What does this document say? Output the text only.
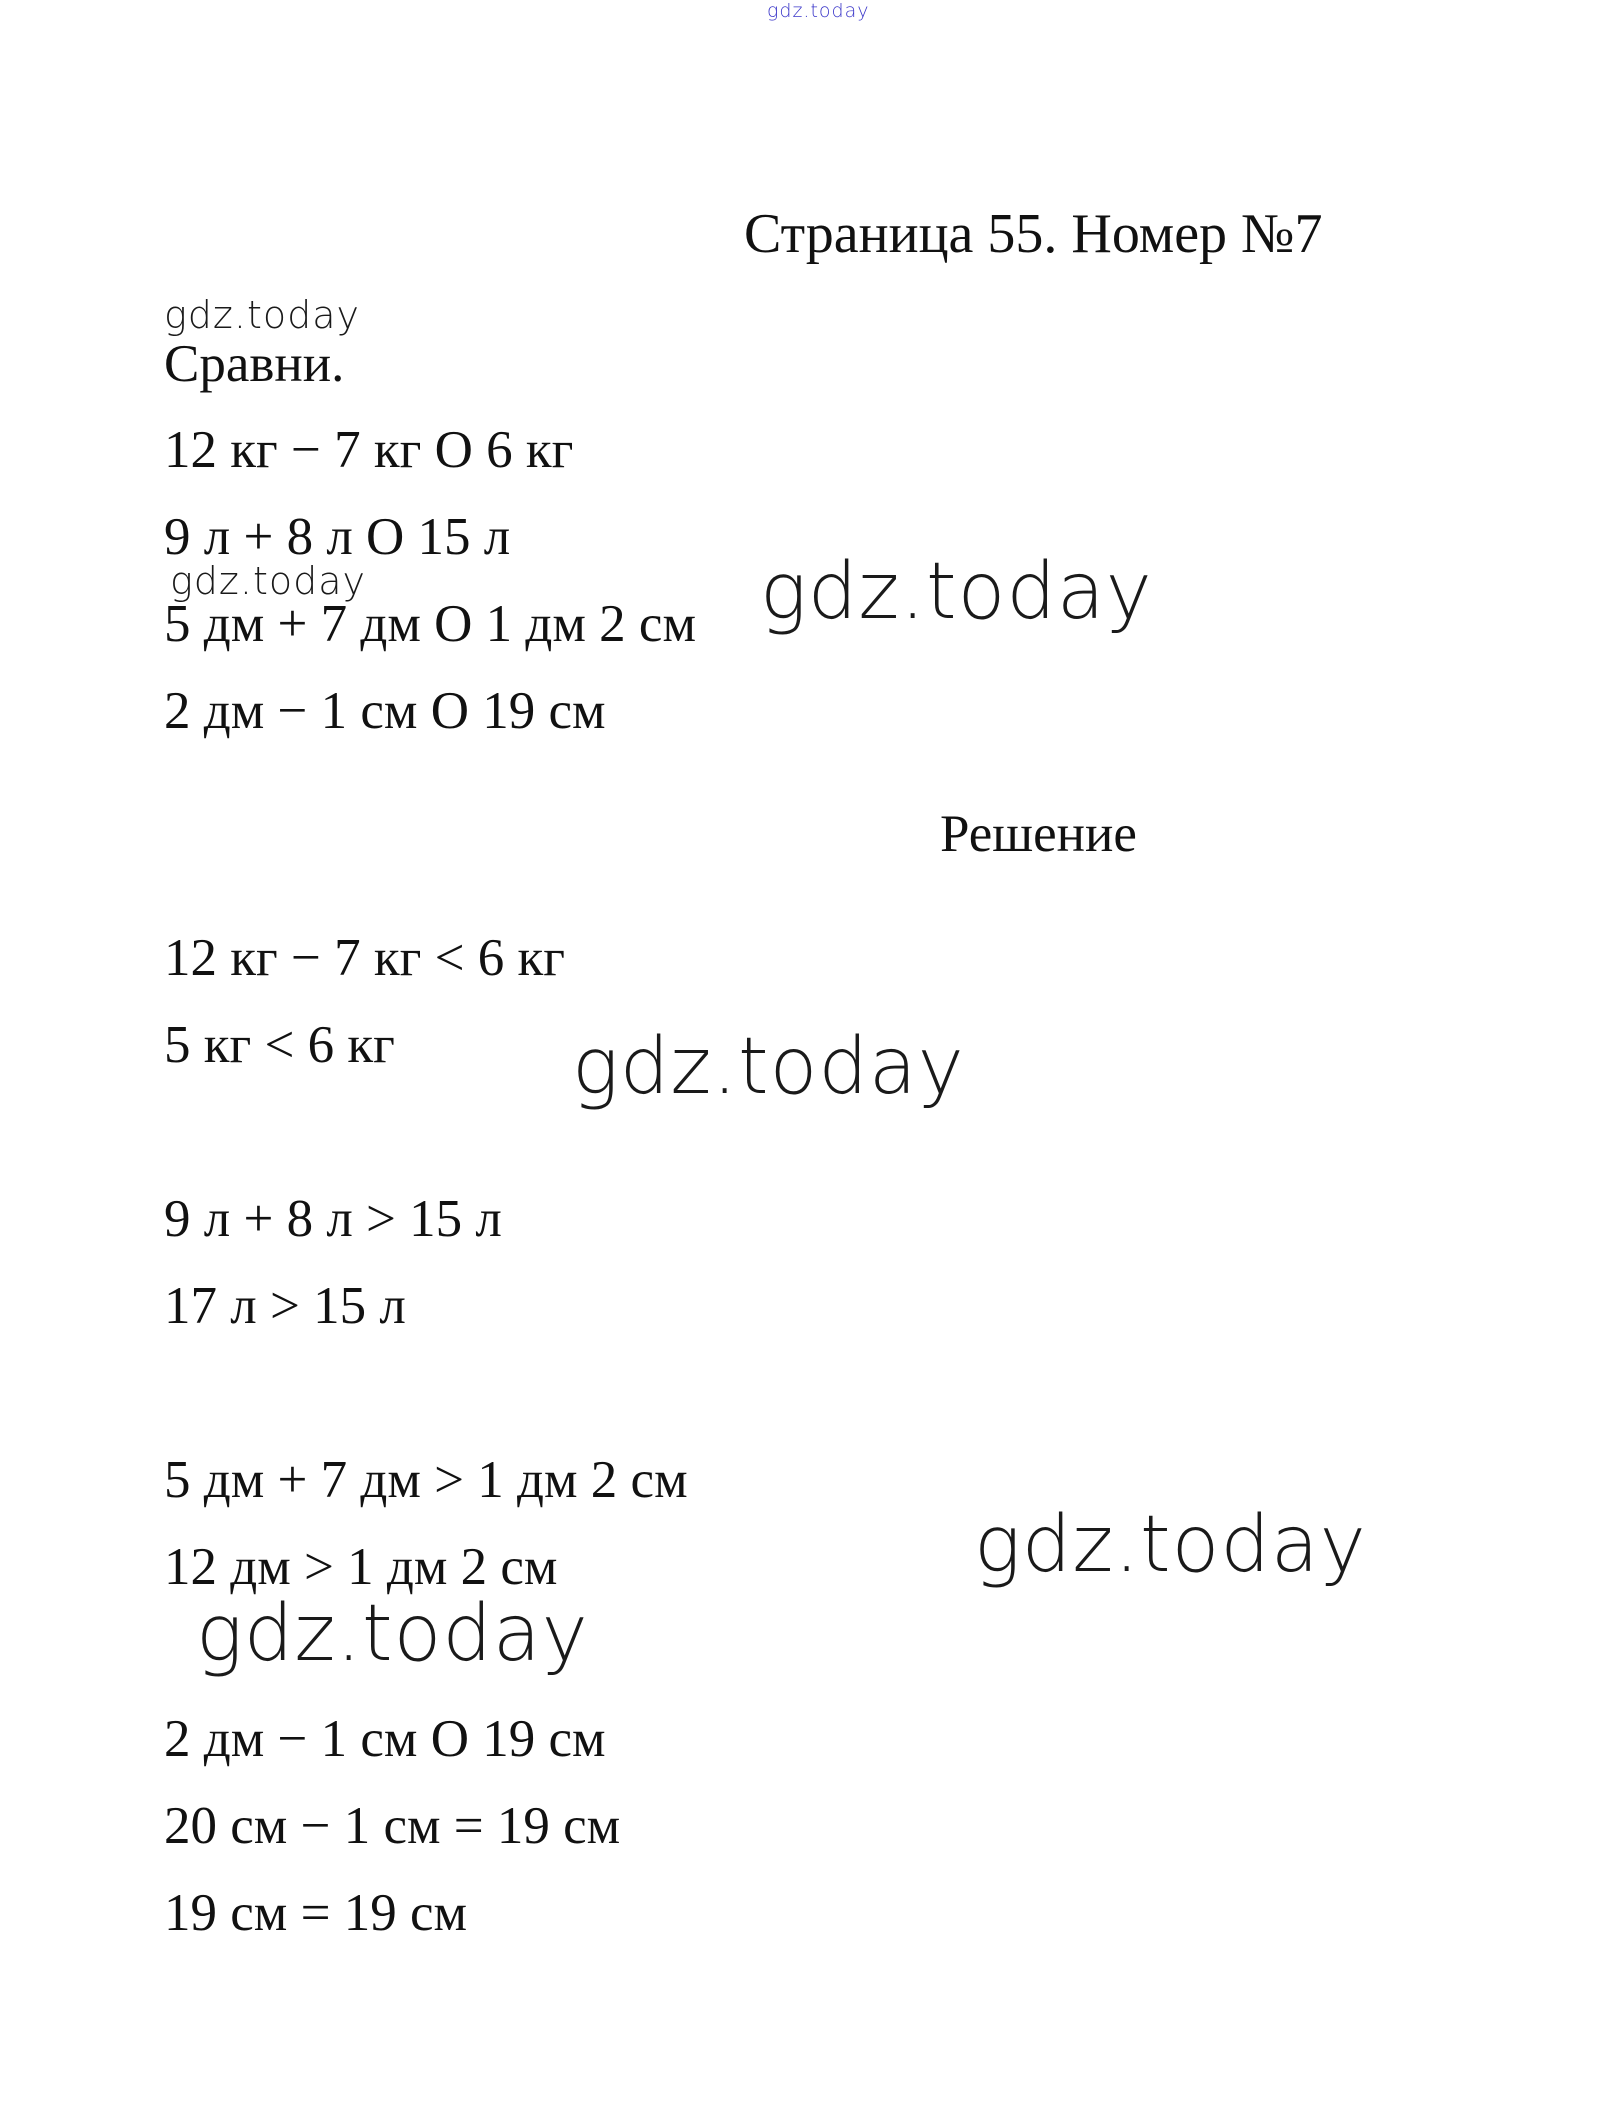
gdz.today
gdz.today
gdz.today	gdz.today
gdz.today
gdz.today
gdz.today
Страница 55. Номер №7
Сравни.
12 кг − 7 кг O 6 кг
9 л + 8 л O 15 л
5 дм + 7 дм O 1 дм 2 см
2 дм − 1 см O 19 см
Решение
12 кг − 7 кг < 6 кг
5 кг < 6 кг
9 л + 8 л > 15 л
17 л > 15 л
5 дм + 7 дм > 1 дм 2 см
12 дм > 1 дм 2 см
2 дм − 1 см O 19 см
20 см − 1 см = 19 см
19 см = 19 см
